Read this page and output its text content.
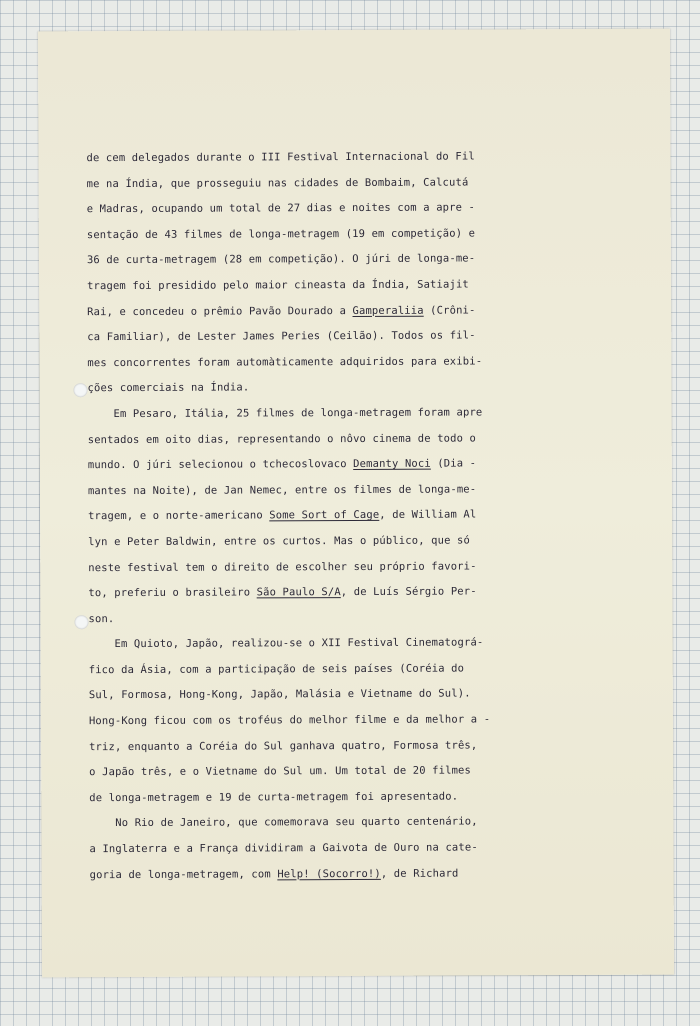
de cem delegados durante o III Festival Internacional do Fil
me na Índia, que prosseguiu nas cidades de Bombaim, Calcutá
e Madras, ocupando um total de 27 dias e noites com a apre -
sentação de 43 filmes de longa-metragem (19 em competição) e
36 de curta-metragem (28 em competição). O júri de longa-me-
tragem foi presidido pelo maior cineasta da Índia, Satiajit
Rai, e concedeu o prêmio Pavão Dourado a Gamperaliia (Crôni-
ca Familiar), de Lester James Peries (Ceilão). Todos os fil-
mes concorrentes foram automàticamente adquiridos para exibi-
ções comerciais na Índia.
Em Pesaro, Itália, 25 filmes de longa-metragem foram apre
sentados em oito dias, representando o nôvo cinema de todo o
mundo. O júri selecionou o tchecoslovaco Demanty Noci (Dia -
mantes na Noite), de Jan Nemec, entre os filmes de longa-me-
tragem, e o norte-americano Some Sort of Cage, de William Al
lyn e Peter Baldwin, entre os curtos. Mas o público, que só
neste festival tem o direito de escolher seu próprio favori-
to, preferiu o brasileiro São Paulo S/A, de Luís Sérgio Per-
son.
Em Quioto, Japão, realizou-se o XII Festival Cinematográ-
fico da Ásia, com a participação de seis países (Coréia do
Sul, Formosa, Hong-Kong, Japão, Malásia e Vietname do Sul).
Hong-Kong ficou com os troféus do melhor filme e da melhor a -
triz, enquanto a Coréia do Sul ganhava quatro, Formosa três,
o Japão três, e o Vietname do Sul um. Um total de 20 filmes
de longa-metragem e 19 de curta-metragem foi apresentado.
No Rio de Janeiro, que comemorava seu quarto centenário,
a Inglaterra e a França dividiram a Gaivota de Ouro na cate-
goria de longa-metragem, com Help! (Socorro!), de Richard
